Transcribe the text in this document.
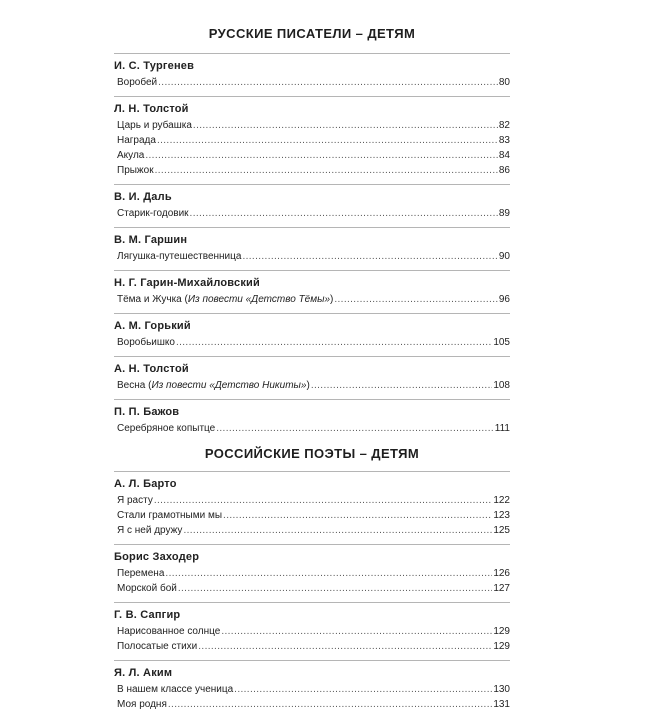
РУССКИЕ ПИСАТЕЛИ – ДЕТЯМ
И. С. Тургенев
Воробей . . .	80
Л. Н. Толстой
Царь и рубашка . . .	82
Награда . . .	83
Акула . . .	84
Прыжок . . .	86
В. И. Даль
Старик-годовик . . .	89
В. М. Гаршин
Лягушка-путешественница . . .	90
Н. Г. Гарин-Михайловский
Тёма и Жучка (Из повести «Детство Тёмы») . . .	96
А. М. Горький
Воробьишко . . .	105
А. Н. Толстой
Весна (Из повести «Детство Никиты») . . .	108
П. П. Бажов
Серебряное копытце . . .	111
РОССИЙСКИЕ ПОЭТЫ – ДЕТЯМ
А. Л. Барто
Я расту . . .	122
Стали грамотными мы . . .	123
Я с ней дружу . . .	125
Борис Заходер
Перемена . . .	126
Морской бой . . .	127
Г. В. Сапгир
Нарисованное солнце . . .	129
Полосатые стихи . . .	129
Я. Л. Аким
В нашем классе ученица . . .	130
Моя родня . . .	131
